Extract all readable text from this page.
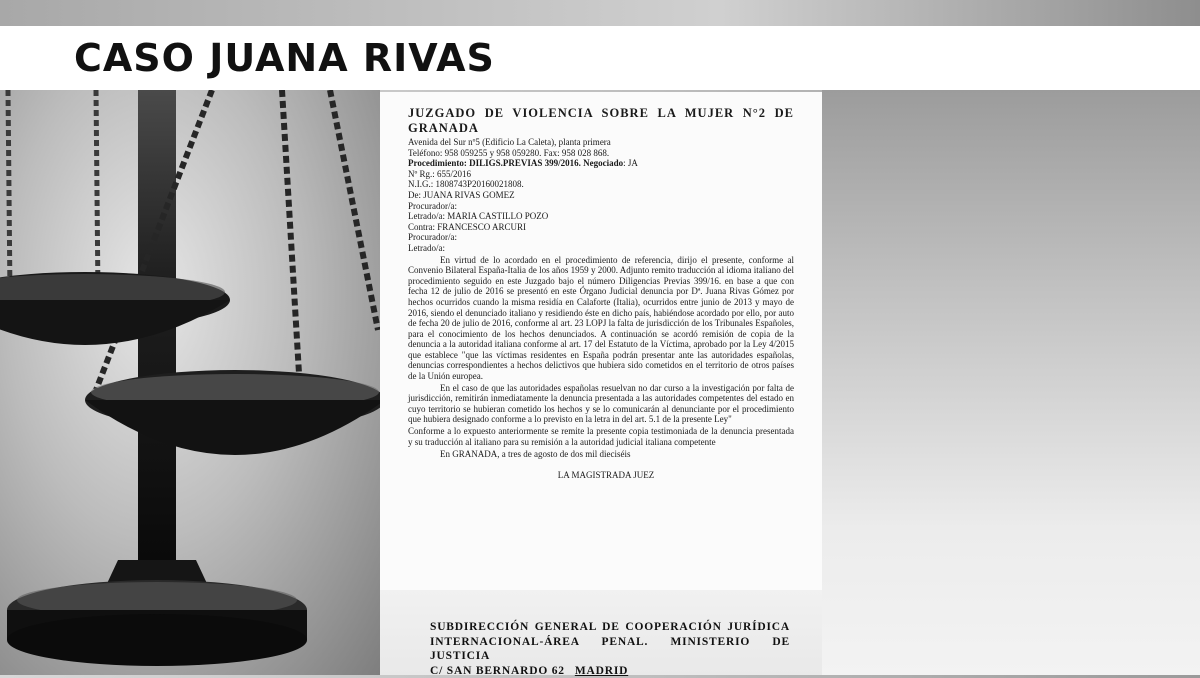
CASO JUANA RIVAS
JUZGADO DE VIOLENCIA SOBRE LA MUJER N°2 DE
GRANADA
Avenida del Sur nº5 (Edificio La Caleta), planta primera
Teléfono: 958 059255 y 958 059280. Fax: 958 028 868.
Procedimiento: DILIGS.PREVIAS 399/2016. Negociado: JA
Nº Rg.: 655/2016
N.I.G.: 1808743P20160021808.
De: JUANA RIVAS GOMEZ
Procurador/a:
Letrado/a: MARIA CASTILLO POZO
Contra: FRANCESCO ARCURI
Procurador/a:
Letrado/a:
En virtud de lo acordado en el procedimiento de referencia, dirijo el presente, conforme al Convenio Bilateral España-Italia de los años 1959 y 2000. Adjunto remito traducción al idioma italiano del procedimiento seguido en este Juzgado bajo el número Diligencias Previas 399/16. en base a que con fecha 12 de julio de 2016 se presentó en este Órgano Judicial denuncia por Dª. Juana Rivas Gómez por hechos ocurridos cuando la misma residía en Calaforte (Italia), ocurridos entre junio de 2013 y mayo de 2016, siendo el denunciado italiano y residiendo éste en dicho país, habiéndose acordado por ello, por auto de fecha 20 de julio de 2016, conforme al art. 23 LOPJ la falta de jurisdicción de los Tribunales Españoles, para el conocimiento de los hechos denunciados. A continuación se acordó remisión de copia de la denuncia a la autoridad italiana conforme al art. 17 del Estatuto de la Víctima, aprobado por la Ley 4/2015 que establece "que las víctimas residentes en España podrán presentar ante las autoridades españolas, denuncias correspondientes a hechos delictivos que hubiera sido cometidos en el territorio de otros países de la Unión europea.
En el caso de que las autoridades españolas resuelvan no dar curso a la investigación por falta de jurisdicción, remitirán inmediatamente la denuncia presentada a las autoridades competentes del estado en cuyo territorio se hubieran cometido los hechos y se lo comunicarán al denunciante por el procedimiento que hubiera designado conforme a lo previsto en la letra in del art. 5.1 de la presente Ley"
Conforme a lo expuesto anteriormente se remite la presente copia testimoniada de la denuncia presentada y su traducción al italiano para su remisión a la autoridad judicial italiana competente
En GRANADA, a tres de agosto de dos mil dieciséis
LA MAGISTRADA JUEZ
SUBDIRECCIÓN GENERAL DE COOPERACIÓN JURÍDICA
INTERNACIONAL-ÁREA PENAL. MINISTERIO DE JUSTICIA
C/ SAN BERNARDO 62 MADRID
